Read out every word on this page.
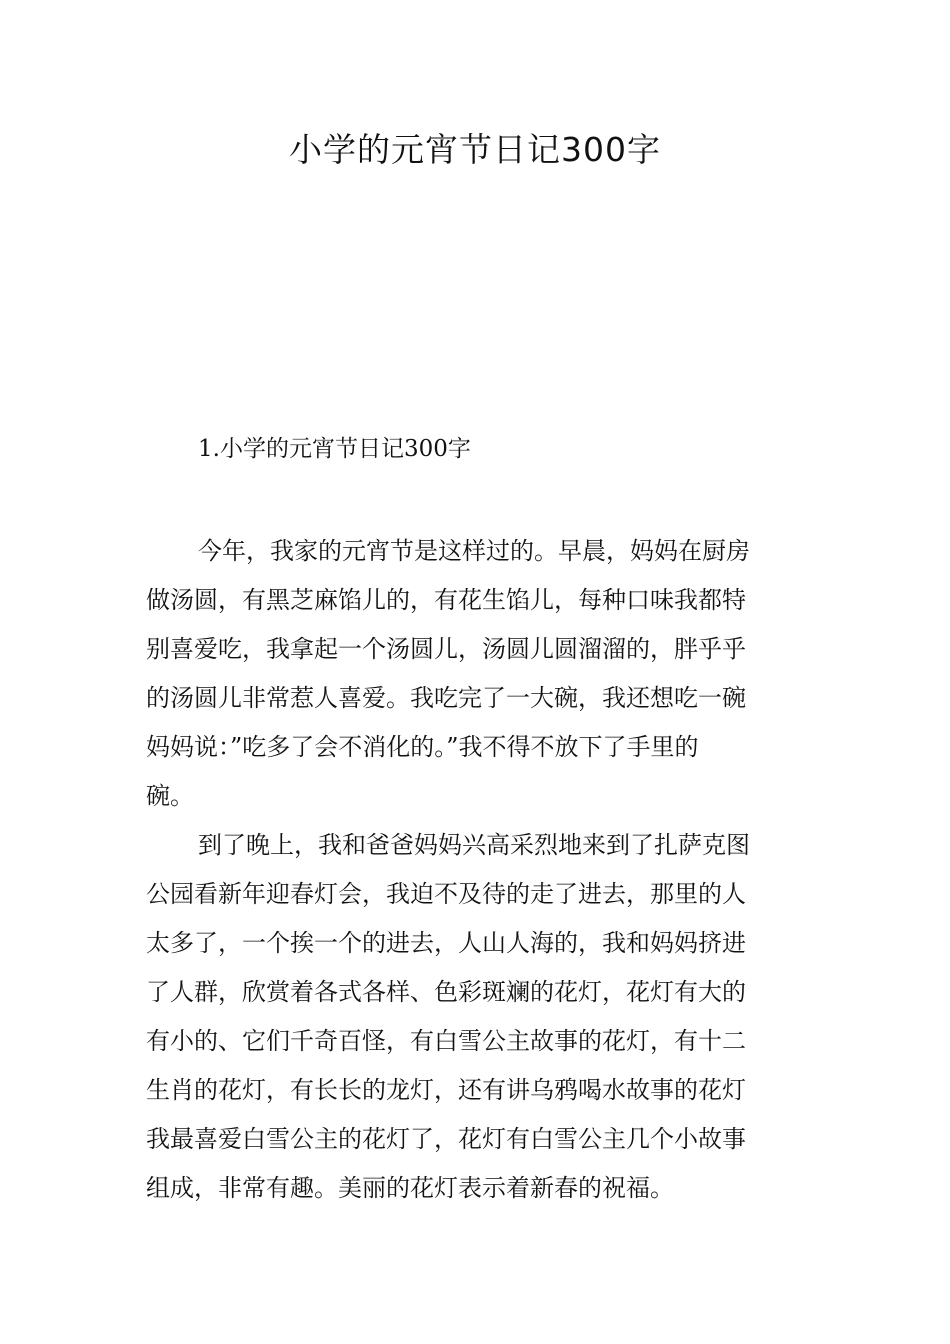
小学的元宵节日记300字
1.小学的元宵节日记300字
今年，我家的元宵节是这样过的。早晨，妈妈在厨房
做汤圆，有黑芝麻馅儿的，有花生馅儿，每种口味我都特
别喜爱吃，我拿起一个汤圆儿，汤圆儿圆溜溜的，胖乎乎
的汤圆儿非常惹人喜爱。我吃完了一大碗，我还想吃一碗
妈妈说：”吃多了会不消化的。”我不得不放下了手里的
碗。
到了晚上，我和爸爸妈妈兴高采烈地来到了扎萨克图
公园看新年迎春灯会，我迫不及待的走了进去，那里的人
太多了，一个挨一个的进去，人山人海的，我和妈妈挤进
了人群，欣赏着各式各样、色彩斑斓的花灯，花灯有大的
有小的、它们千奇百怪，有白雪公主故事的花灯，有十二
生肖的花灯，有长长的龙灯，还有讲乌鸦喝水故事的花灯
我最喜爱白雪公主的花灯了，花灯有白雪公主几个小故事
组成，非常有趣。美丽的花灯表示着新春的祝福。
